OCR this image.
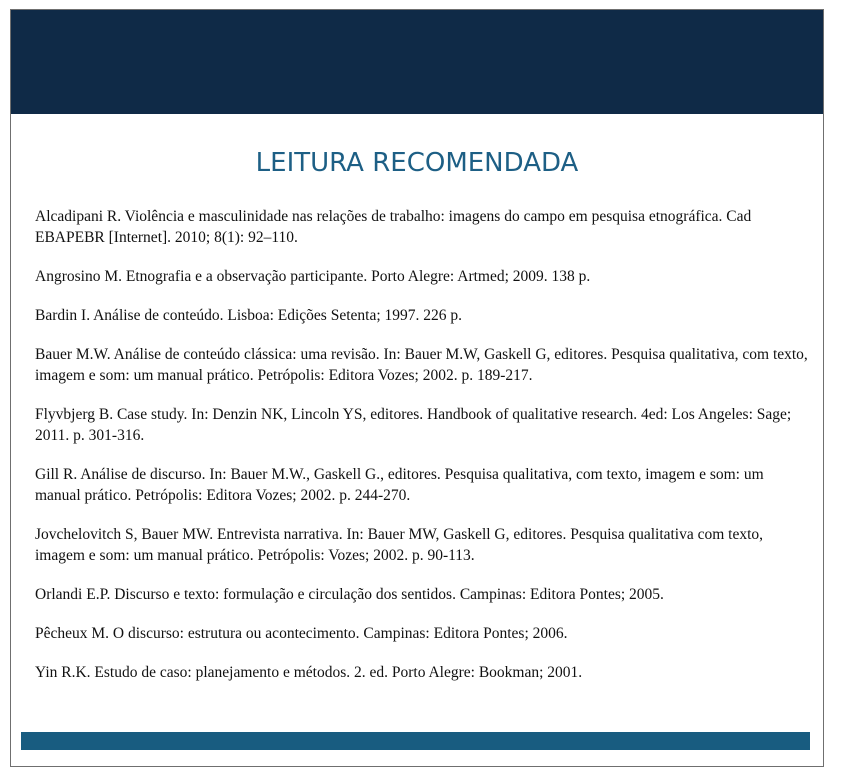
LEITURA RECOMENDADA

Alcadipani R. Violência e masculinidade nas relações de trabalho: imagens do campo em pesquisa etnográfica. Cad EBAPEBR [Internet]. 2010; 8(1): 92–110.

Angrosino M. Etnografia e a observação participante. Porto Alegre: Artmed; 2009. 138 p.

Bardin I. Análise de conteúdo. Lisboa: Edições Setenta; 1997. 226 p.

Bauer M.W. Análise de conteúdo clássica: uma revisão. In: Bauer M.W, Gaskell G, editores. Pesquisa qualitativa, com texto, imagem e som: um manual prático. Petrópolis: Editora Vozes; 2002. p. 189-217.

Flyvbjerg B. Case study. In: Denzin NK, Lincoln YS, editores. Handbook of qualitative research. 4ed: Los Angeles: Sage; 2011. p. 301-316.

Gill R. Análise de discurso. In: Bauer M.W., Gaskell G., editores. Pesquisa qualitativa, com texto, imagem e som: um manual prático. Petrópolis: Editora Vozes; 2002. p. 244-270.

Jovchelovitch S, Bauer MW. Entrevista narrativa. In: Bauer MW, Gaskell G, editores. Pesquisa qualitativa com texto, imagem e som: um manual prático. Petrópolis: Vozes; 2002. p. 90-113.

Orlandi E.P. Discurso e texto: formulação e circulação dos sentidos. Campinas: Editora Pontes; 2005.

Pêcheux M. O discurso: estrutura ou acontecimento. Campinas: Editora Pontes; 2006.

Yin R.K. Estudo de caso: planejamento e métodos. 2. ed. Porto Alegre: Bookman; 2001.
